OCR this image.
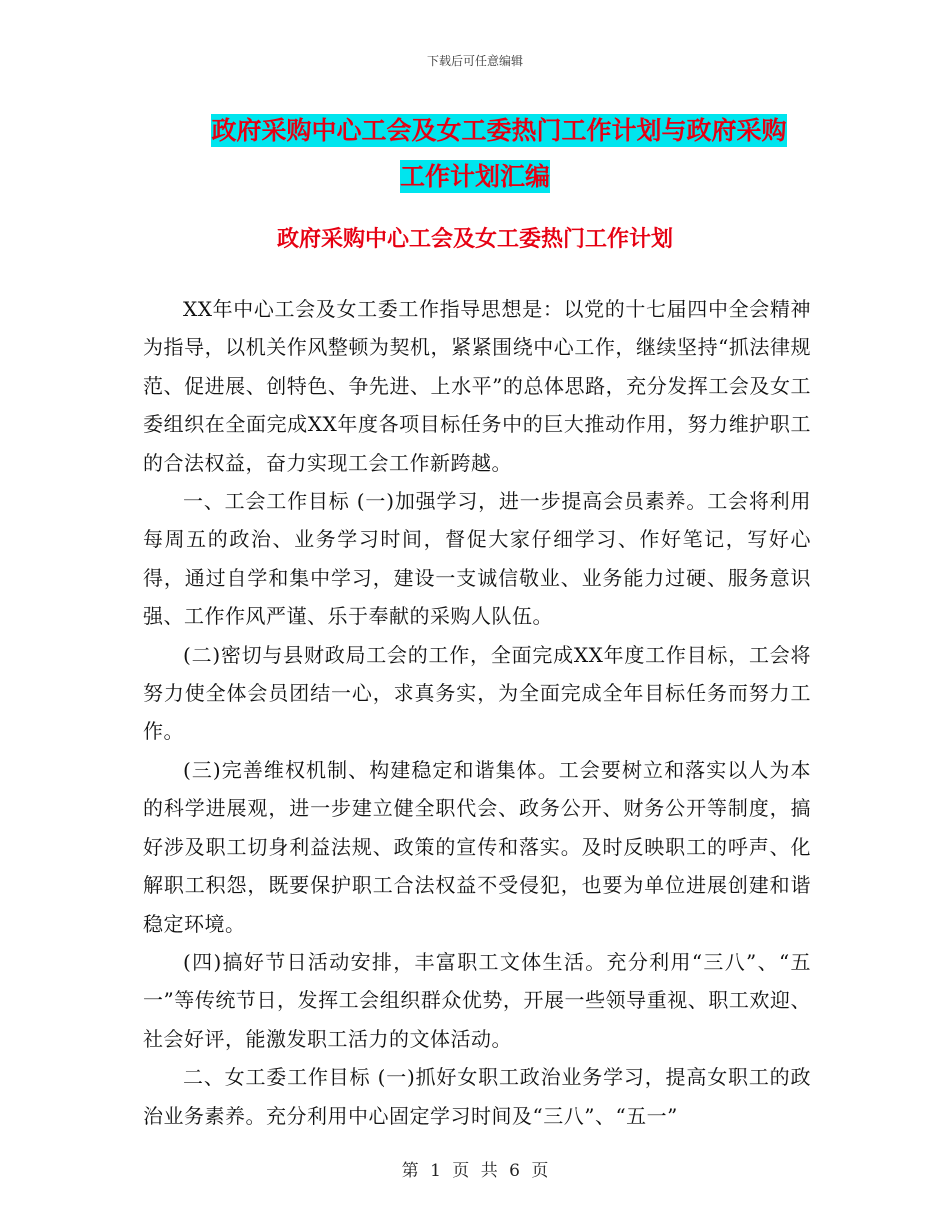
下载后可任意编辑
政府采购中心工会及女工委热门工作计划与政府采购
工作计划汇编
政府采购中心工会及女工委热门工作计划

XX年中心工会及女工委工作指导思想是：以党的十七届四中全会精神为指导，以机关作风整顿为契机，紧紧围绕中心工作，继续坚持“抓法律规范、促进展、创特色、争先进、上水平”的总体思路，充分发挥工会及女工委组织在全面完成XX年度各项目标任务中的巨大推动作用，努力维护职工的合法权益，奋力实现工会工作新跨越。

一、工会工作目标 (一)加强学习，进一步提高会员素养。工会将利用每周五的政治、业务学习时间，督促大家仔细学习、作好笔记，写好心得，通过自学和集中学习，建设一支诚信敬业、业务能力过硬、服务意识强、工作作风严谨、乐于奉献的采购人队伍。

(二)密切与县财政局工会的工作，全面完成XX年度工作目标，工会将努力使全体会员团结一心，求真务实，为全面完成全年目标任务而努力工作。

(三)完善维权机制、构建稳定和谐集体。工会要树立和落实以人为本的科学进展观，进一步建立健全职代会、政务公开、财务公开等制度，搞好涉及职工切身利益法规、政策的宣传和落实。及时反映职工的呼声、化解职工积怨，既要保护职工合法权益不受侵犯，也要为单位进展创建和谐稳定环境。

(四)搞好节日活动安排，丰富职工文体生活。充分利用“三八”、“五一”等传统节日，发挥工会组织群众优势，开展一些领导重视、职工欢迎、社会好评，能激发职工活力的文体活动。

二、女工委工作目标 (一)抓好女职工政治业务学习，提高女职工的政治业务素养。充分利用中心固定学习时间及“三八”、“五一”

第 1 页 共 6 页
